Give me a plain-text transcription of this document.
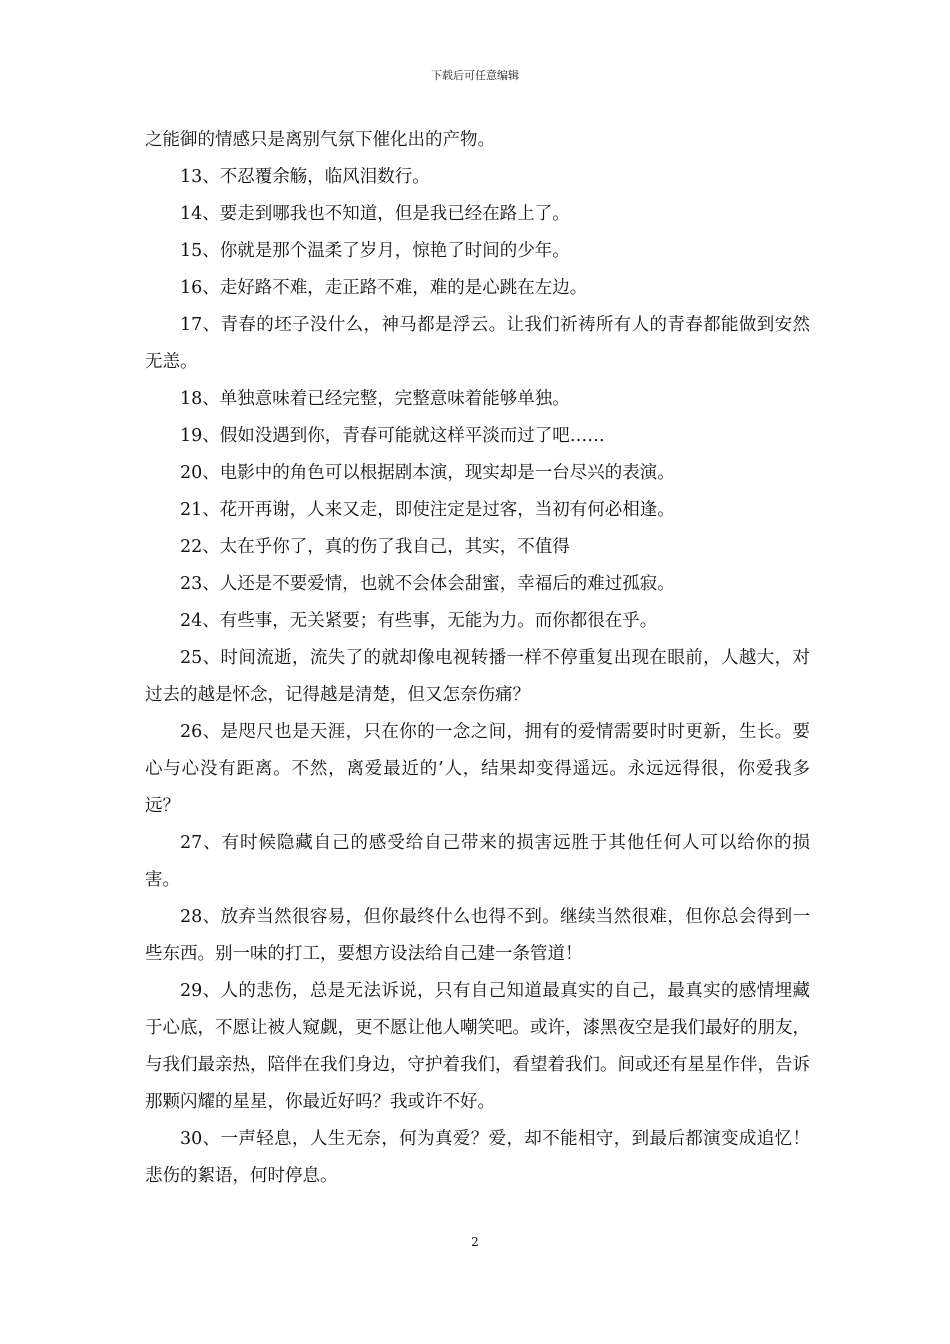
下载后可任意编辑

之能御的情感只是离别气氛下催化出的产物。

13、不忍覆余觞，临风泪数行。

14、要走到哪我也不知道，但是我已经在路上了。

15、你就是那个温柔了岁月，惊艳了时间的少年。

16、走好路不难，走正路不难，难的是心跳在左边。

17、青春的坯子没什么，神马都是浮云。让我们祈祷所有人的青春都能做到安然无恙。

18、单独意味着已经完整，完整意味着能够单独。

19、假如没遇到你，青春可能就这样平淡而过了吧……

20、电影中的角色可以根据剧本演，现实却是一台尽兴的表演。

21、花开再谢，人来又走，即使注定是过客，当初有何必相逢。

22、太在乎你了，真的伤了我自己，其实，不值得

23、人还是不要爱情，也就不会体会甜蜜，幸福后的难过孤寂。

24、有些事，无关紧要；有些事，无能为力。而你都很在乎。

25、时间流逝，流失了的就却像电视转播一样不停重复出现在眼前，人越大，对过去的越是怀念，记得越是清楚，但又怎奈伤痛？

26、是咫尺也是天涯，只在你的一念之间，拥有的爱情需要时时更新，生长。要心与心没有距离。不然，离爱最近的’人，结果却变得遥远。永远远得很，你爱我多远？

27、有时候隐藏自己的感受给自己带来的损害远胜于其他任何人可以给你的损害。

28、放弃当然很容易，但你最终什么也得不到。继续当然很难，但你总会得到一些东西。别一味的打工，要想方设法给自己建一条管道！

29、人的悲伤，总是无法诉说，只有自己知道最真实的自己，最真实的感情埋藏于心底，不愿让被人窥觑，更不愿让他人嘲笑吧。或许，漆黑夜空是我们最好的朋友，与我们最亲热，陪伴在我们身边，守护着我们，看望着我们。间或还有星星作伴，告诉那颗闪耀的星星，你最近好吗？我或许不好。

30、一声轻息，人生无奈，何为真爱？爱，却不能相守，到最后都演变成追忆！悲伤的絮语，何时停息。

2
